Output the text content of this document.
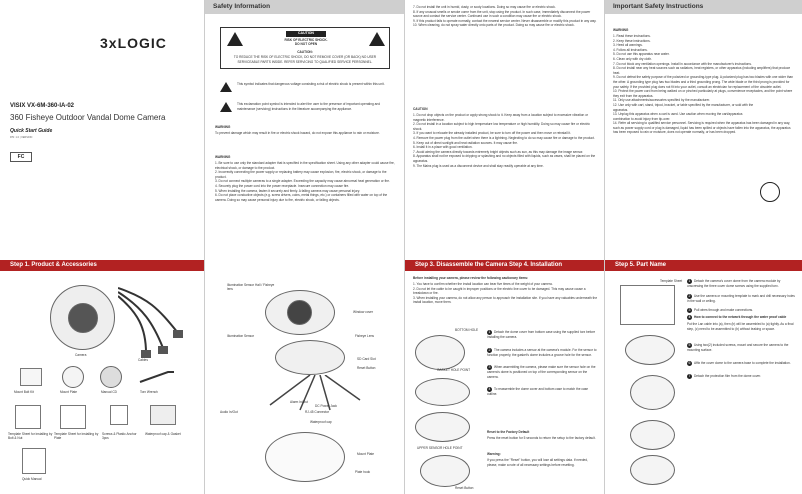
3xLOGIC
VISIX VX-6M-360-IA-02
360 Fisheye Outdoor Vandal Dome Camera
Quick Start Guide
P/N: 1.0 | VERSION
FC
Step 1. Product & Accessories
Camera
Cables
Mount Bolt Kit	Mount Plate	Manual CD	Torx Wrench
Template Sheet for installing by Bolt & Nut
Template Sheet for installing by Plate
Screws & Plastic Anchor 3pcs
Waterproof cap & Gasket
Quick Manual
Safety Information
CAUTION
RISK OF ELECTRIC SHOCK.
DO NOT OPEN
CAUTION:
TO REDUCE THE RISK OF ELECTRIC SHOCK, DO NOT REMOVE COVER (OR BACK) NO USER SERVICEABLE PARTS INSIDE. REFER SERVICING TO QUALIFIED SERVICE PERSONNEL.
This symbol indicates that dangerous voltage consisting a risk of electric shock is present within this unit.
This exclamation point symbol is intended to alert the user to the presence of important operating and maintenance (servicing) instructions in the literature accompanying the appliance.
WARNING
To prevent damage which may result in fire or electric shock hazard, do not expose this appliance to rain or moisture.
WARNING
1. Be sure to use only the standard adapter that is specified in the specification sheet. Using any other adapter could cause fire, electrical shock, or damage to the product.
2. Incorrectly connecting the power supply or replacing battery may cause explosion, fire, electric shock, or damage to the product.
3. Do not connect multiple cameras to a single adapter. Exceeding the capacity may cause abnormal heat generation or fire.
4. Securely plug the power cord into the power receptacle. Insecure connection may cause fire.
5. When installing the camera, fasten it securely and firmly. A falling camera may cause personal injury.
6. Do not place conductive objects (e.g. screw drivers, coins, metal things, etc.) or containers filled with water on top of the camera. Doing so may cause personal injury due to fire, electric shock, or falling objects.
Illumination Sensor Hall / Fisheye lens
Window cover
Illumination Sensor	Fisheye Lens
SD Card Slot
Reset Button
Audio In/Out
Alarm In/Out
DC Power Jack
RJ-45 Connector
Waterproof cap
Mount Plate
Plate hook
7. Do not install the unit in humid, dusty, or sooty locations. Doing so may cause fire or electric shock.
8. If any unusual smells or smoke come from the unit, stop using the product. In such case, immediately disconnect the power source and contact the service center. Continued use in such a condition may cause fire or electric shock.
9. If this product fails to operate normally, contact the nearest service center. Never disassemble or modify this product in any way.
10. When cleaning, do not spray water directly onto parts of the product. Doing so may cause fire or electric shock.
CAUTION
1. Do not drop objects on the product or apply strong shock to it. Keep away from a location subject to excessive vibration or magnetic interference.
2. Do not install in a location subject to high temperature low temperature or high humidity. Doing so may cause fire or electric shock.
3. If you want to relocate the already installed product, be sure to turn off the power and then move or reinstall it.
4. Remove the power plug from the outlet when there is a lightning. Neglecting to do so may cause fire or damage to the product.
5. Keep out of direct sunlight and heat radiation sources. It may cause fire.
6. Install it in a place with good ventilation.
7. Avoid aiming the camera directly towards extremely bright objects such as sun, as this may damage the image sensor.
8. Apparatus shall not be exposed to dripping or splashing and no objects filled with liquids, such as vases, shall be placed on the apparatus.
9. The Mains plug is used as a disconnect device and shall stay readily operable at any time.
Step 3. Disassemble the Camera Step 4. Installation
Before installing your camera, please review the following cautionary items:
1. You have to confirm whether the install location can bear five times of the weight of your camera.
2. Do not let the cable to be caught in improper positions or the electric line cover to be damaged. This may cause cause a breakdown or fire.
3. When installing your camera, do not allow any person to approach the installation site. If you have any valuables underneath the install location, move them.
BOTTOM HOLE
GASKET HOLE POINT
UPPER SENSOR HOLE POINT
Reset Button
1 Detach the dome cover from bottom case using the supplied torx before installing the camera.
2 The camera includes a sensor at the camera's module. For the sensor to function properly, the gasket's dome includes a groove hole for the sensor.
3 When assembling the camera, please make sure the sensor hole on the camera's dome is positioned on top of the corresponding sensor on the camera.
4 To reassemble the dome cover and bottom case to match the case outline.
Reset to the Factory Default
Press the reset button for 5 seconds to return the setup to the factory default.
Warning:
If you press the "Reset" button, you will lose all settings data. If needed, please, make a note of all necessary settings before resetting.
Important Safety Instructions
WARNING
1. Read these instructions.
2. Keep these instructions.
3. Heed all warnings.
4. Follow all instructions.
5. Do not use this apparatus near water.
6. Clean only with dry cloth.
7. Do not block any ventilation openings. Install in accordance with the manufacturer's instructions.
8. Do not install near any heat sources such as radiators, heat registers, or other apparatus (including amplifiers) that produce heat.
9. Do not defeat the safety purpose of the polarized or grounding-type plug. A polarized plug has two blades with one wider than the other. A grounding type plug has two blades and a third grounding prong. The wide blade or the third prong is provided for your safety. If the provided plug does not fit into your outlet, consult an electrician for replacement of the obsolete outlet.
10. Protect the power cord from being walked on or pinched particularly at plugs, convenience receptacles, and the point where they exit from the apparatus.
11. Only use attachments/accessories specified by the manufacturer.
12. Use only with cart, stand, tripod, bracket, or table specified by the manufacturer, or sold with the apparatus.
13. Unplug this apparatus when a cart is used. Use caution when moving the cart/apparatus combination to avoid injury from tip-over.
14. Refer all servicing to qualified service personnel. Servicing is required when the apparatus has been damaged in any way, such as power supply cord or plug is damaged, liquid has been spilled or objects have fallen into the apparatus, the apparatus has been exposed to rain or moisture, does not operate normally, or has been dropped.
Step 5. Part Name
Template Sheet	1 Detach the camera's cover dome from the camera module by unscrewing the three cover dome screws using the supplied torx.
2 Use the camera or mounting template to mark and drill necessary holes in the wall or ceiling.
3 Pull wires through and make connections.
4 How to connect to the network through the water proof cable
Put the Lan cable into (a), then (b) will be assembled to (a) tightly. As a final step, (c) need to be assembled to (b) without leaking or space.
5 Using two(2) included screws, mount and secure the camera to the mounting surface.
6 Affix the cover dome to the camera base to complete the installation.
7 Detach the protection film from the dome cover.
